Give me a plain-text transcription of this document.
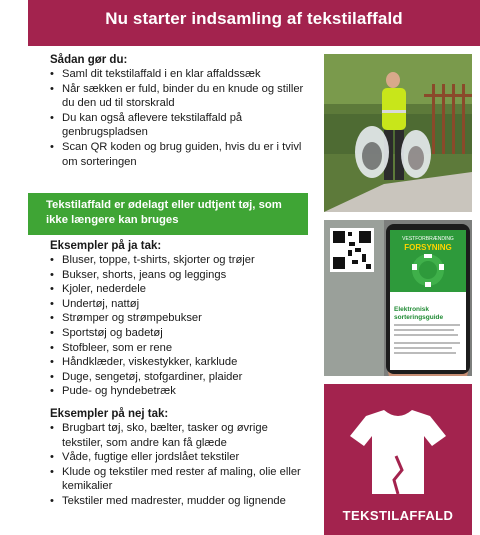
Nu starter indsamling af tekstilaffald
Sådan gør du:
• Saml dit tekstilaffald i en klar affaldssæk
• Når sækken er fuld, binder du en knude og stiller du den ud til storskrald
• Du kan også aflevere tekstilaffald på genbrugspladsen
• Scan QR koden og brug guiden, hvis du er i tvivl om sorteringen
Tekstilaffald er ødelagt eller udtjent tøj, som ikke længere kan bruges
Eksempler på ja tak:
• Bluser, toppe, t-shirts, skjorter og trøjer
• Bukser, shorts, jeans og leggings
• Kjoler, nederdele
• Undertøj, nattøj
• Strømper og strømpebukser
• Sportstøj og badetøj
• Stofbleer, som er rene
• Håndklæder, viskestykker, karklude
• Duge, sengetøj, stofgardiner, plaider
• Pude- og hyndebetræk
Eksempler på nej tak:
• Brugbart tøj, sko, bælter, tasker og øvrige tekstiler, som andre kan få glæde
• Våde, fugtige eller jordslået tekstiler
• Klude og tekstiler med rester af maling, olie eller kemikalier
• Tekstiler med madrester, mudder og lignende
VESTFORBRÆNDING
FORSYNING
Elektronisk sorteringsguide
TEKSTILAFFALD
